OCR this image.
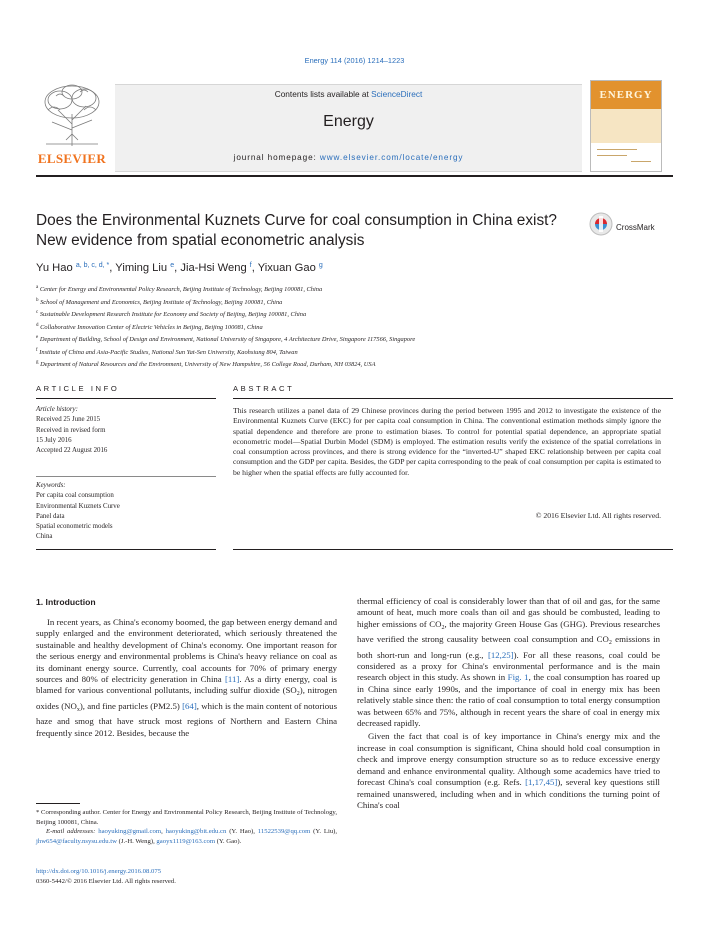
Energy 114 (2016) 1214–1223
ELSEVIER
Contents lists available at ScienceDirect
Energy
journal homepage: www.elsevier.com/locate/energy
ENERGY
Does the Environmental Kuznets Curve for coal consumption in China exist? New evidence from spatial econometric analysis
CrossMark
Yu Hao $^{a, b, c, d, *}$, Yiming Liu $^e$, Jia-Hsi Weng $^f$, Yixuan Gao $^g$
$^a$ Center for Energy and Environmental Policy Research, Beijing Institute of Technology, Beijing 100081, China
$^b$ School of Management and Economics, Beijing Institute of Technology, Beijing 100081, China
$^c$ Sustainable Development Research Institute for Economy and Society of Beijing, Beijing 100081, China
$^d$ Collaborative Innovation Center of Electric Vehicles in Beijing, Beijing 100081, China
$^e$ Department of Building, School of Design and Environment, National University of Singapore, 4 Architecture Drive, Singapore 117566, Singapore
$^f$ Institute of China and Asia-Pacific Studies, National Sun Yat-Sen University, Kaohsiung 804, Taiwan
$^g$ Department of Natural Resources and the Environment, University of New Hampshire, 56 College Road, Durham, NH 03824, USA
ARTICLE INFO	ABSTRACT
Article history:
Received 25 June 2015
Received in revised form
15 July 2016
Accepted 22 August 2016
Keywords:
Per capita coal consumption
Environmental Kuznets Curve
Panel data
Spatial econometric models
China
This research utilizes a panel data of 29 Chinese provinces during the period between 1995 and 2012 to investigate the existence of the Environmental Kuznets Curve (EKC) for per capita coal consumption in China. The conventional estimation methods simply ignore the spatial dependence and therefore are prone to estimation biases. To control for potential spatial dependence, an appropriate spatial econometric model—Spatial Durbin Model (SDM) is employed. The estimation results verify the existence of the spatial correlations in coal consumption across provinces, and there is strong evidence for the “inverted-U” shaped EKC relationship between per capita coal consumption and the GDP per capita. Besides, the GDP per capita corresponding to the peak of coal consumption per capita is estimated to be higher when the spatial effects are fully accounted for.
© 2016 Elsevier Ltd. All rights reserved.
1. Introduction

In recent years, as China's economy boomed, the gap between energy demand and supply enlarged and the environment deteriorated, which seriously threatened the sustainable and healthy development of China's economy. One important reason for the serious energy and environmental problems is China's heavy reliance on coal as its dominant energy source. Currently, coal accounts for 70% of primary energy sources and 80% of electricity generation in China [11]. As a dirty energy, coal is blamed for various conventional pollutants, including sulfur dioxide $(SO_2)$, nitrogen oxides $(NO_x)$, and fine particles (PM2.5) [64], which is the main content of notorious haze and smog that have struck most regions of Northern and Eastern China frequently since 2012. Besides, because the

thermal efficiency of coal is considerably lower than that of oil and gas, for the same amount of heat, much more coals than oil and gas should be combusted, leading to higher emissions of $CO_2$, the majority Green House Gas (GHG). Previous researches have verified the strong causality between coal consumption and $CO_2$ emissions in both short-run and long-run (e.g., [12,25]). For all these reasons, coal could be considered as a proxy for China's environmental performance and is the main research object in this study. As shown in Fig. 1, the coal consumption has roared up in China since early 1990s, and the importance of coal in energy mix has been relatively stable since then: the ratio of coal consumption to total energy consumption was between 65% and 75%, although in recent years the share of coal in energy mix decreased rapidly.

Given the fact that coal is of key importance in China's energy mix and the increase in coal consumption is significant, China should hold coal consumption in check and improve energy consumption structure so as to reduce excessive energy demand and enhance environmental quality. Although some academics have tried to forecast China's coal consumption (e.g. Refs. [1,17,45]), several key questions still remained unanswered, including when and in which conditions the turning point of China's coal

* Corresponding author. Center for Energy and Environmental Policy Research, Beijing Institute of Technology, Beijing 100081, China.
E-mail addresses: haoyuking@gmail.com, haoyuking@bit.edu.cn (Y. Hao), 11522539@qq.com (Y. Liu), jhw654@faculty.nsysu.edu.tw (J.-H. Weng), gaoyx1119@163.com (Y. Gao).
http://dx.doi.org/10.1016/j.energy.2016.08.075
0360-5442/© 2016 Elsevier Ltd. All rights reserved.
